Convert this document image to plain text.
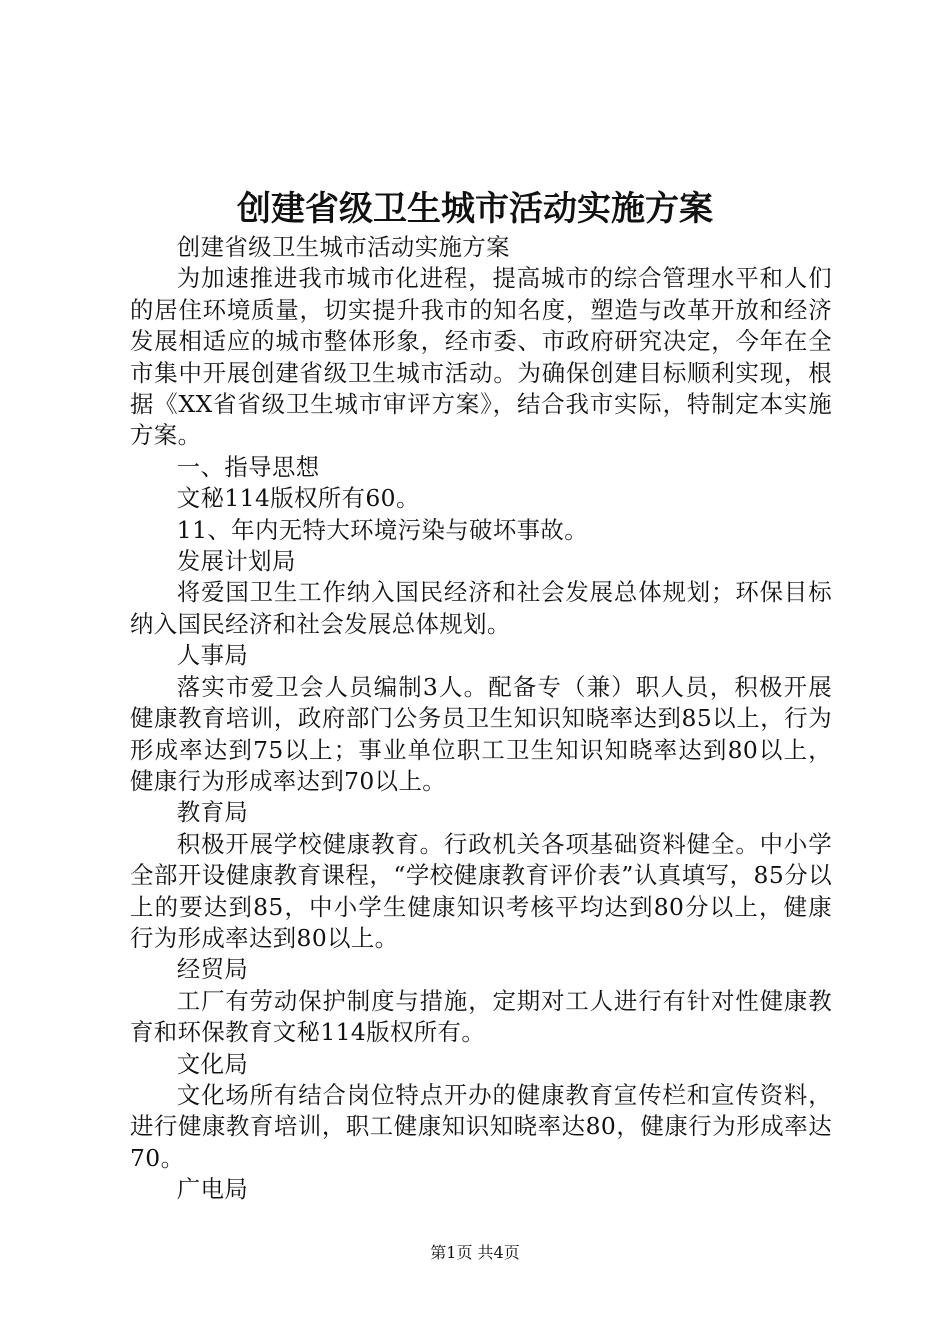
创建省级卫生城市活动实施方案

创建省级卫生城市活动实施方案

为加速推进我市城市化进程，提高城市的综合管理水平和人们的居住环境质量，切实提升我市的知名度，塑造与改革开放和经济发展相适应的城市整体形象，经市委、市政府研究决定，今年在全市集中开展创建省级卫生城市活动。为确保创建目标顺利实现，根据《XX省省级卫生城市审评方案》，结合我市实际，特制定本实施方案。

一、指导思想

文秘114版权所有60。

11、年内无特大环境污染与破坏事故。

发展计划局

将爱国卫生工作纳入国民经济和社会发展总体规划；环保目标纳入国民经济和社会发展总体规划。

人事局

落实市爱卫会人员编制3人。配备专（兼）职人员，积极开展健康教育培训，政府部门公务员卫生知识知晓率达到85以上，行为形成率达到75以上；事业单位职工卫生知识知晓率达到80以上，健康行为形成率达到70以上。

教育局

积极开展学校健康教育。行政机关各项基础资料健全。中小学全部开设健康教育课程，“学校健康教育评价表”认真填写，85分以上的要达到85，中小学生健康知识考核平均达到80分以上，健康行为形成率达到80以上。

经贸局

工厂有劳动保护制度与措施，定期对工人进行有针对性健康教育和环保教育文秘114版权所有。

文化局

文化场所有结合岗位特点开办的健康教育宣传栏和宣传资料，进行健康教育培训，职工健康知识知晓率达80，健康行为形成率达70。

广电局

第1页 共4页
